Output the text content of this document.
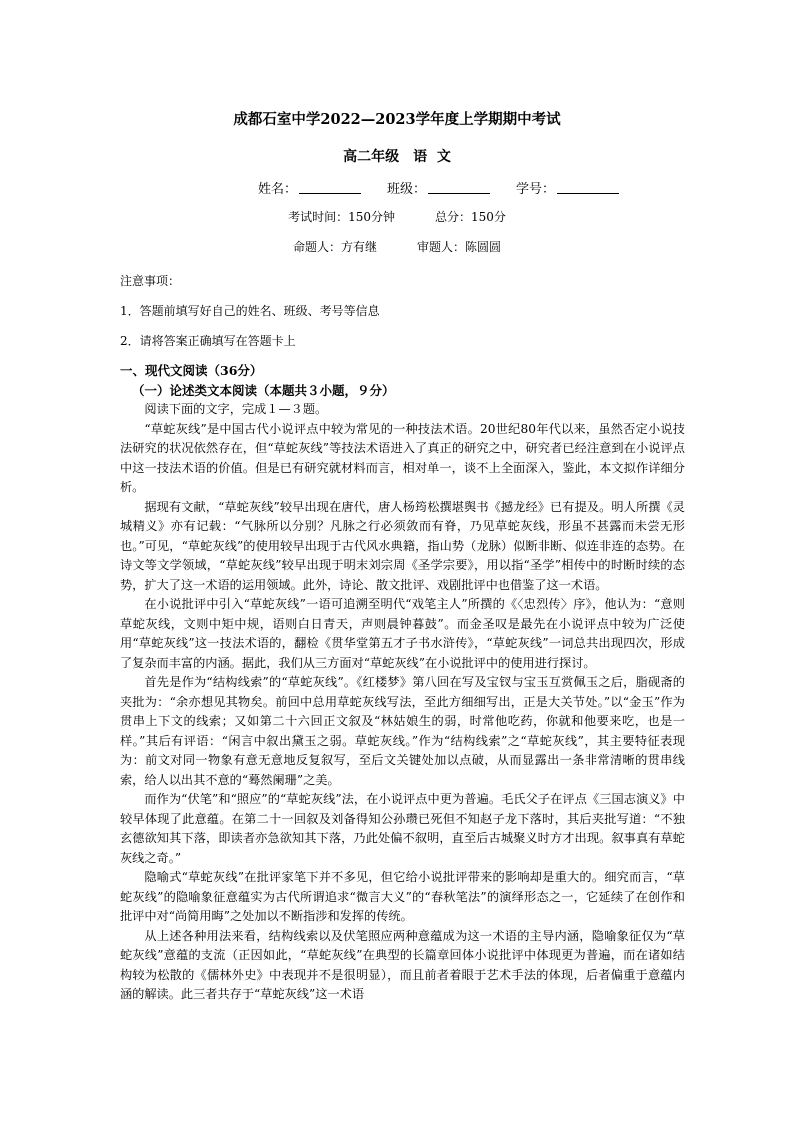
成都石室中学2022—2023学年度上学期期中考试
高二年级 语  文
姓名：	班级：	学号：
考试时间：150分钟	总分：150分
命题人：方有继	审题人：陈圆圆
注意事项：
1．答题前填写好自己的姓名、班级、考号等信息
2．请将答案正确填写在答题卡上
一、现代文阅读（36分）
（一）论述类文本阅读（本题共３小题，９分）

阅读下面的文字，完成１—３题。

“草蛇灰线”是中国古代小说评点中较为常见的一种技法术语。20世纪80年代以来，虽然否定小说技法研究的状况依然存在，但“草蛇灰线”等技法术语进入了真正的研究之中，研究者已经注意到在小说评点中这一技法术语的价值。但是已有研究就材料而言，相对单一，谈不上全面深入，鉴此，本文拟作详细分析。

据现有文献，“草蛇灰线”较早出现在唐代，唐人杨筠松撰堪舆书《撼龙经》已有提及。明人所撰《灵城精义》亦有记载：“气脉所以分别？凡脉之行必须敛而有脊，乃见草蛇灰线，形虽不甚露而未尝无形也。”可见，“草蛇灰线”的使用较早出现于古代风水典籍，指山势（龙脉）似断非断、似连非连的态势。在诗文等文学领域，“草蛇灰线”较早出现于明末刘宗周《圣学宗要》，用以指“圣学”相传中的时断时续的态势，扩大了这一术语的运用领域。此外，诗论、散文批评、戏剧批评中也借鉴了这一术语。

在小说批评中引入“草蛇灰线”一语可追溯至明代“戏笔主人”所撰的《〈忠烈传〉序》，他认为：“意则草蛇灰线，文则中矩中规，语则白日青天，声则晨钟暮鼓”。而金圣叹是最先在小说评点中较为广泛使用“草蛇灰线”这一技法术语的，翻检《贯华堂第五才子书水浒传》，“草蛇灰线”一词总共出现四次，形成了复杂而丰富的内涵。据此，我们从三方面对“草蛇灰线”在小说批评中的使用进行探讨。

首先是作为“结构线索”的“草蛇灰线”。《红楼梦》第八回在写及宝钗与宝玉互赏佩玉之后，脂砚斋的夹批为：“余亦想见其物矣。前回中总用草蛇灰线写法，至此方细细写出，正是大关节处。”以“金玉”作为贯串上下文的线索；又如第二十六回正文叙及“林姑娘生的弱，时常他吃药，你就和他要来吃，也是一样。”其后有评语：“闲言中叙出黛玉之弱。草蛇灰线。”作为“结构线索”之“草蛇灰线”，其主要特征表现为：前文对同一物象有意无意地反复叙写，至后文关键处加以点破，从而显露出一条非常清晰的贯串线索，给人以出其不意的“蓦然阑珊”之美。

而作为“伏笔”和“照应”的“草蛇灰线”法，在小说评点中更为普遍。毛氏父子在评点《三国志演义》中较早体现了此意蕴。在第二十一回叙及刘备得知公孙瓒已死但不知赵子龙下落时，其后夹批写道：“不独玄德欲知其下落，即读者亦急欲知其下落，乃此处偏不叙明，直至后古城聚义时方才出现。叙事真有草蛇灰线之奇。”

隐喻式“草蛇灰线”在批评家笔下并不多见，但它给小说批评带来的影响却是重大的。细究而言，“草蛇灰线”的隐喻象征意蕴实为古代所谓追求“微言大义”的“春秋笔法”的演绎形态之一，它延续了在创作和批评中对“尚简用晦”之处加以不断指涉和发挥的传统。

从上述各种用法来看，结构线索以及伏笔照应两种意蕴成为这一术语的主导内涵，隐喻象征仅为“草蛇灰线”意蕴的支流（正因如此，“草蛇灰线”在典型的长篇章回体小说批评中体现更为普遍，而在诸如结构较为松散的《儒林外史》中表现并不是很明显），而且前者着眼于艺术手法的体现，后者偏重于意蕴内涵的解读。此三者共存于“草蛇灰线”这一术语
